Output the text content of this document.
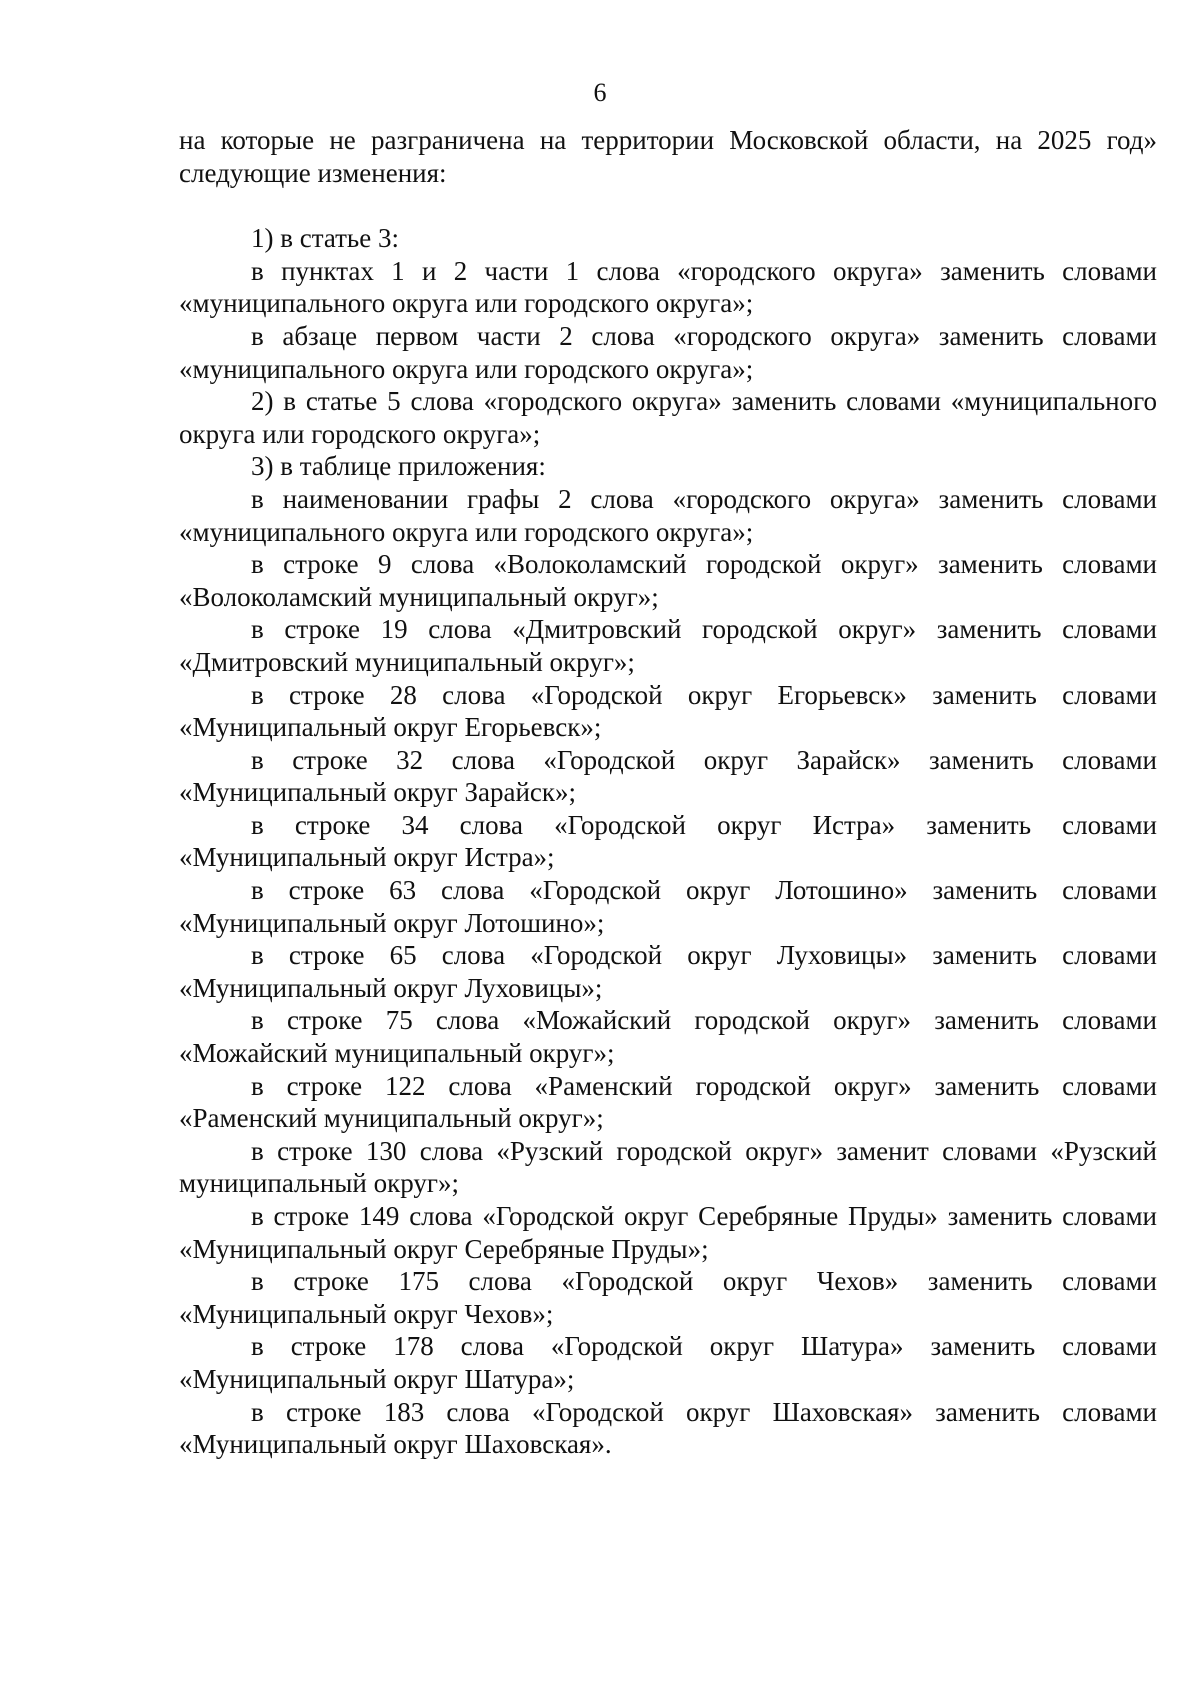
6

на которые не разграничена на территории Московской области, на 2025 год» следующие изменения:

1) в статье 3:

в пунктах 1 и 2 части 1 слова «городского округа» заменить словами «муниципального округа или городского округа»;

в абзаце первом части 2 слова «городского округа» заменить словами «муниципального округа или городского округа»;

2) в статье 5 слова «городского округа» заменить словами «муниципального округа или городского округа»;

3) в таблице приложения:

в наименовании графы 2 слова «городского округа» заменить словами «муниципального округа или городского округа»;

в строке 9 слова «Волоколамский городской округ» заменить словами «Волоколамский муниципальный округ»;

в строке 19 слова «Дмитровский городской округ» заменить словами «Дмитровский муниципальный округ»;

в строке 28 слова «Городской округ Егорьевск» заменить словами «Муниципальный округ Егорьевск»;

в строке 32 слова «Городской округ Зарайск» заменить словами «Муниципальный округ Зарайск»;

в строке 34 слова «Городской округ Истра» заменить словами «Муниципальный округ Истра»;

в строке 63 слова «Городской округ Лотошино» заменить словами «Муниципальный округ Лотошино»;

в строке 65 слова «Городской округ Луховицы» заменить словами «Муниципальный округ Луховицы»;

в строке 75 слова «Можайский городской округ» заменить словами «Можайский муниципальный округ»;

в строке 122 слова «Раменский городской округ» заменить словами «Раменский муниципальный округ»;

в строке 130 слова «Рузский городской округ» заменит словами «Рузский муниципальный округ»;

в строке 149 слова «Городской округ Серебряные Пруды» заменить словами «Муниципальный округ Серебряные Пруды»;

в строке 175 слова «Городской округ Чехов» заменить словами «Муниципальный округ Чехов»;

в строке 178 слова «Городской округ Шатура» заменить словами «Муниципальный округ Шатура»;

в строке 183 слова «Городской округ Шаховская» заменить словами «Муниципальный округ Шаховская».
